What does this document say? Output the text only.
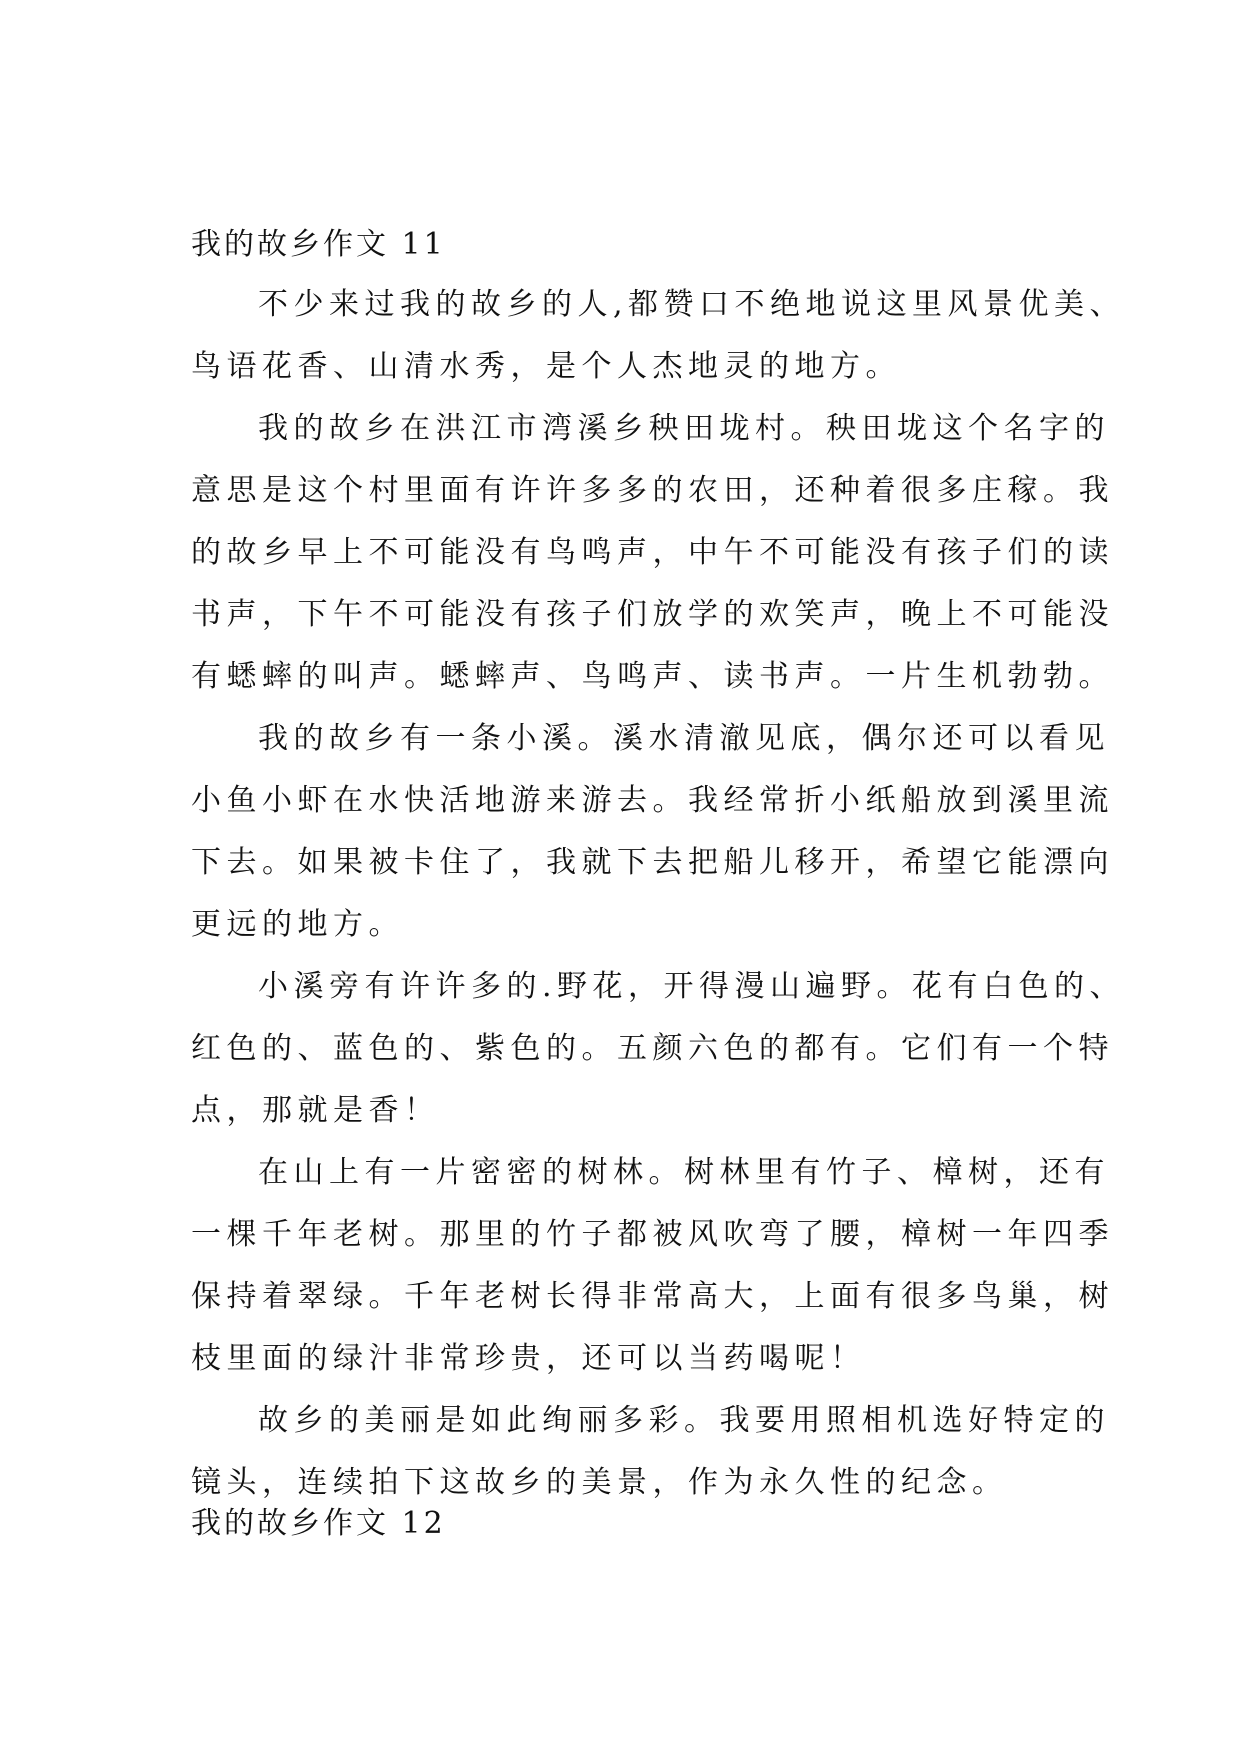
我的故乡作文 11

不少来过我的故乡的人,都赞口不绝地说这里风景优美、

鸟语花香、山清水秀，是个人杰地灵的地方。

我的故乡在洪江市湾溪乡秧田垅村。秧田垅这个名字的

意思是这个村里面有许许多多的农田，还种着很多庄稼。我

的故乡早上不可能没有鸟鸣声，中午不可能没有孩子们的读

书声，下午不可能没有孩子们放学的欢笑声，晚上不可能没

有蟋蟀的叫声。蟋蟀声、鸟鸣声、读书声。一片生机勃勃。

我的故乡有一条小溪。溪水清澈见底，偶尔还可以看见

小鱼小虾在水快活地游来游去。我经常折小纸船放到溪里流

下去。如果被卡住了，我就下去把船儿移开，希望它能漂向

更远的地方。

小溪旁有许许多的.野花，开得漫山遍野。花有白色的、

红色的、蓝色的、紫色的。五颜六色的都有。它们有一个特

点，那就是香！

在山上有一片密密的树林。树林里有竹子、樟树，还有

一棵千年老树。那里的竹子都被风吹弯了腰，樟树一年四季

保持着翠绿。千年老树长得非常高大，上面有很多鸟巢，树

枝里面的绿汁非常珍贵，还可以当药喝呢！

故乡的美丽是如此绚丽多彩。我要用照相机选好特定的

我的故乡作文 12

镜头，连续拍下这故乡的美景，作为永久性的纪念。
